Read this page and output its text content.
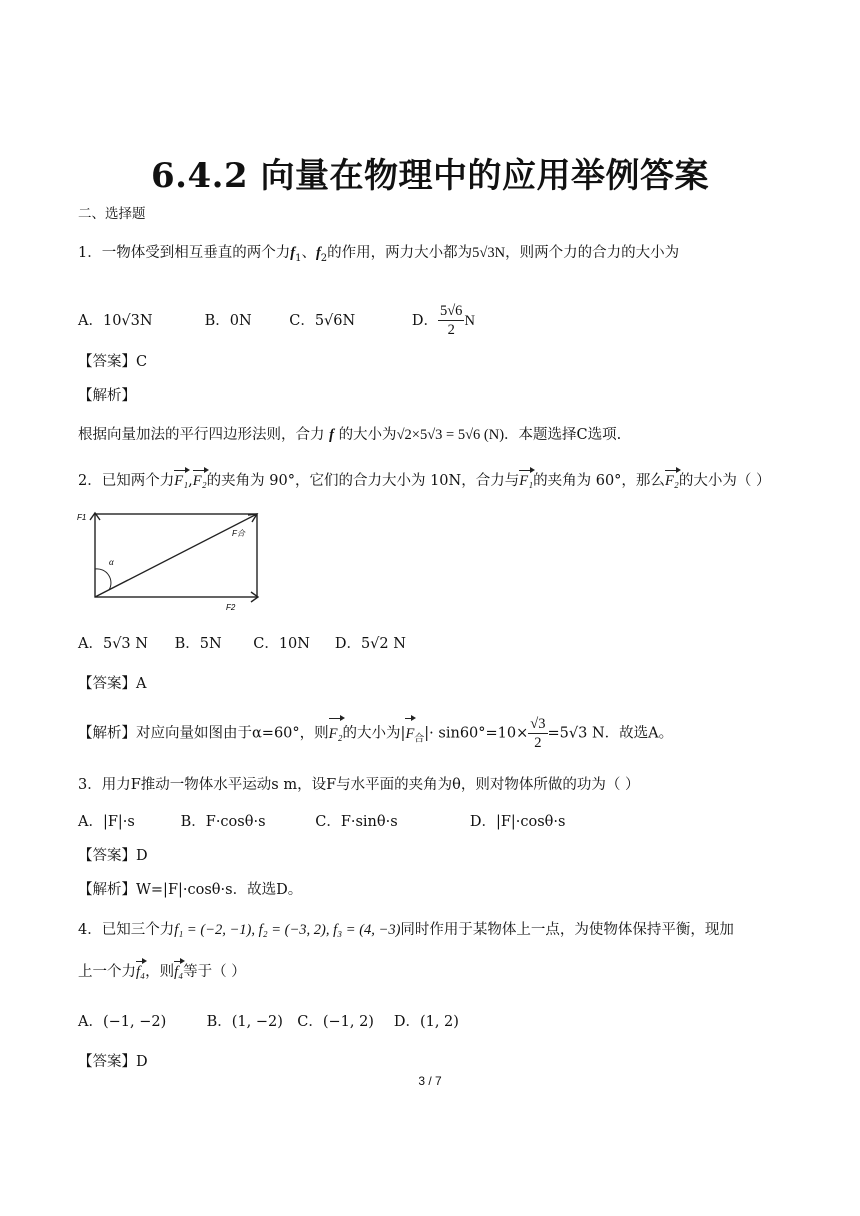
6.4.2 向量在物理中的应用举例答案
二、选择题
1．一物体受到相互垂直的两个力$f_1$、$f_2$的作用，两力大小都为5√3N，则两个力的合力的大小为
A．10√3N	B．0N	C．5√6N	D． $\frac{5√6}{2}$ N
【答案】C
【解析】
根据向量加法的平行四边形法则，合力 f 的大小为√2×5√3 = 5√6 (N)．本题选择C选项.
2．已知两个力F₁,F₂的夹角为 90°，它们的合力大小为 10N，合力与F₁的夹角为 60°，那么F₂的大小为（ ）
F1
F2
F合
α
A．5√3 N B．5N C．10N D．5√2 N
【答案】A
【解析】对应向量如图由于α=60°，则F₂的大小为$|F_合|\cdot \sin 60^\circ=10\times \frac{√3}{2} =5√3$ N．故选A。
3．用力F推动一物体水平运动s m，设F与水平面的夹角为θ，则对物体所做的功为（ ）
A．|F|·s	B．F·cosθ·s	C．F·sinθ·s	D．|F|·cosθ·s
【答案】D
【解析】W=|F|·cosθ·s．故选D。
4．已知三个力f₁ = (−2, −1), f₂ = (−3, 2), f₃ = (4, −3)同时作用于某物体上一点，为使物体保持平衡，现加
上一个力f₄，则f₄等于（ ）
A．(−1, −2)	B．(1, −2) C．(−1, 2) D．(1, 2)
【答案】D
3 / 7
